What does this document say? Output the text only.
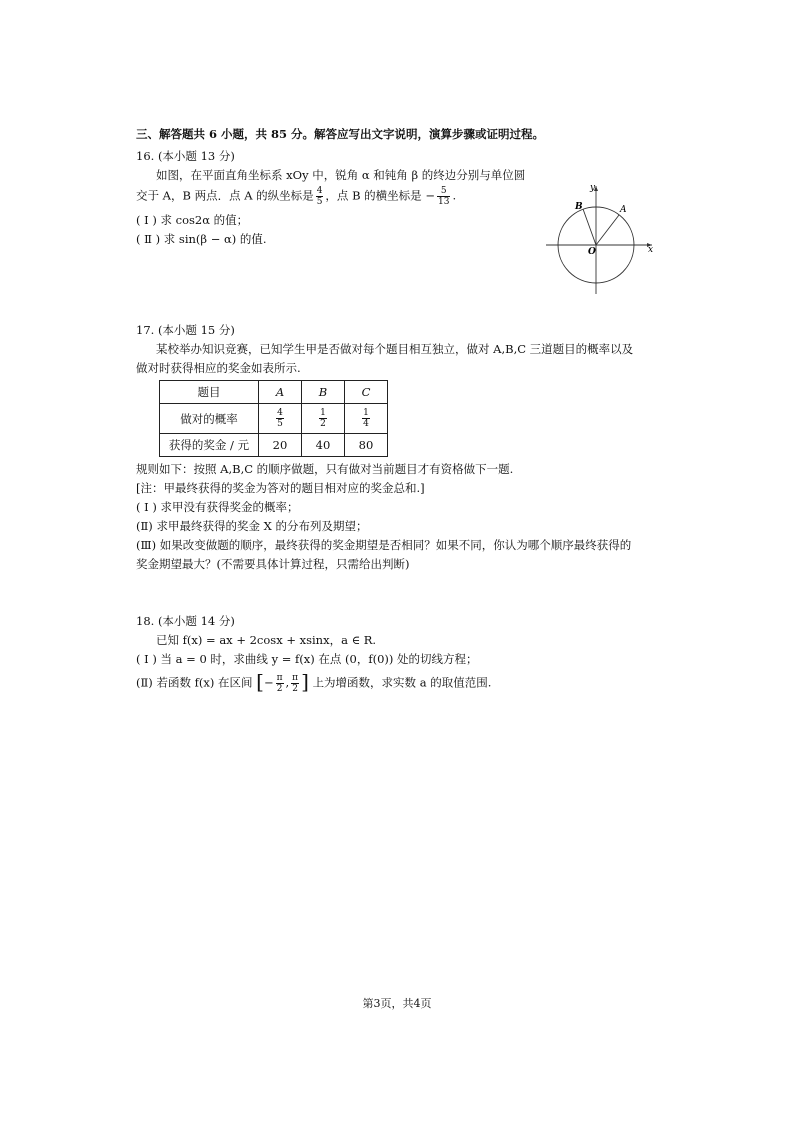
三、解答题共 6 小题，共 85 分。解答应写出文字说明，演算步骤或证明过程。
16. (本小题 13 分)
如图，在平面直角坐标系 xOy 中，锐角 α 和钝角 β 的终边分别与单位圆
交于 A，B 两点．点 A 的纵坐标是 $\frac{4}{5}$ ，点 B 的横坐标是 − $\frac{5}{13}$ .
( Ⅰ ) 求 cos2α 的值；
( Ⅱ ) 求 sin(β − α) 的值.
y
x
O
A
B
17. (本小题 15 分)
某校举办知识竞赛，已知学生甲是否做对每个题目相互独立，做对 A,B,C 三道题目的概率以及
做对时获得相应的奖金如表所示.
题目	A	B	C
做对的概率	$\frac{4}{5}$	$\frac{1}{2}$	$\frac{1}{4}$

获得的奖金 / 元	20	40	80
规则如下：按照 A,B,C 的顺序做题，只有做对当前题目才有资格做下一题.
[注：甲最终获得的奖金为答对的题目相对应的奖金总和.]
( Ⅰ ) 求甲没有获得奖金的概率；
(Ⅱ) 求甲最终获得的奖金 X 的分布列及期望；
(Ⅲ) 如果改变做题的顺序，最终获得的奖金期望是否相同？如果不同，你认为哪个顺序最终获得的
奖金期望最大？(不需要具体计算过程，只需给出判断)
18. (本小题 14 分)
已知 f(x) = ax + 2cosx + xsinx，a ∈ R.
( Ⅰ ) 当 a = 0 时，求曲线 y = f(x) 在点 (0，f(0)) 处的切线方程；
(Ⅱ) 若函数 f(x) 在区间 [− $\frac{\pi}{2}$ , $\frac{\pi}{2}$ ] 上为增函数，求实数 a 的取值范围.
第3页，共4页
